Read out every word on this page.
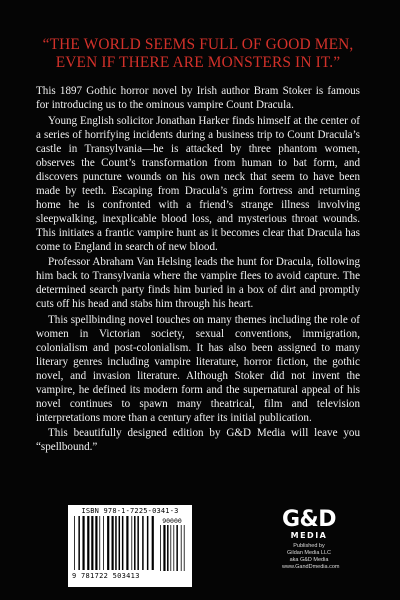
“THE WORLD SEEMS FULL OF GOOD MEN,
EVEN IF THERE ARE MONSTERS IN IT.”

This 1897 Gothic horror novel by Irish author Bram Stoker is famous for introducing us to the ominous vampire Count Dracula.

Young English solicitor Jonathan Harker finds himself at the center of a series of horrifying incidents during a business trip to Count Dracula’s castle in Transylvania—he is attacked by three phantom women, observes the Count’s transformation from human to bat form, and discovers puncture wounds on his own neck that seem to have been made by teeth. Escaping from Dracula’s grim fortress and returning home he is confronted with a friend’s strange illness involving sleepwalking, inexplicable blood loss, and mysterious throat wounds. This initiates a frantic vampire hunt as it becomes clear that Dracula has come to England in search of new blood.

Professor Abraham Van Helsing leads the hunt for Dracula, following him back to Transylvania where the vampire flees to avoid capture. The determined search party finds him buried in a box of dirt and promptly cuts off his head and stabs him through his heart.

This spellbinding novel touches on many themes including the role of women in Victorian society, sexual conventions, immigration, colonialism and post-colonialism. It has also been assigned to many literary genres including vampire literature, horror fiction, the gothic novel, and invasion literature. Although Stoker did not invent the vampire, he defined its modern form and the supernatural appeal of his novel continues to spawn many theatrical, film and television interpretations more than a century after its initial publication.

This beautifully designed edition by G&D Media will leave you “spellbound.”

ISBN 978-1-7225-0341-3
90000
9 781722 503413
G&D
MEDIA
Published by
Gildan Media LLC
aka G&D Media
www.GandDmedia.com
